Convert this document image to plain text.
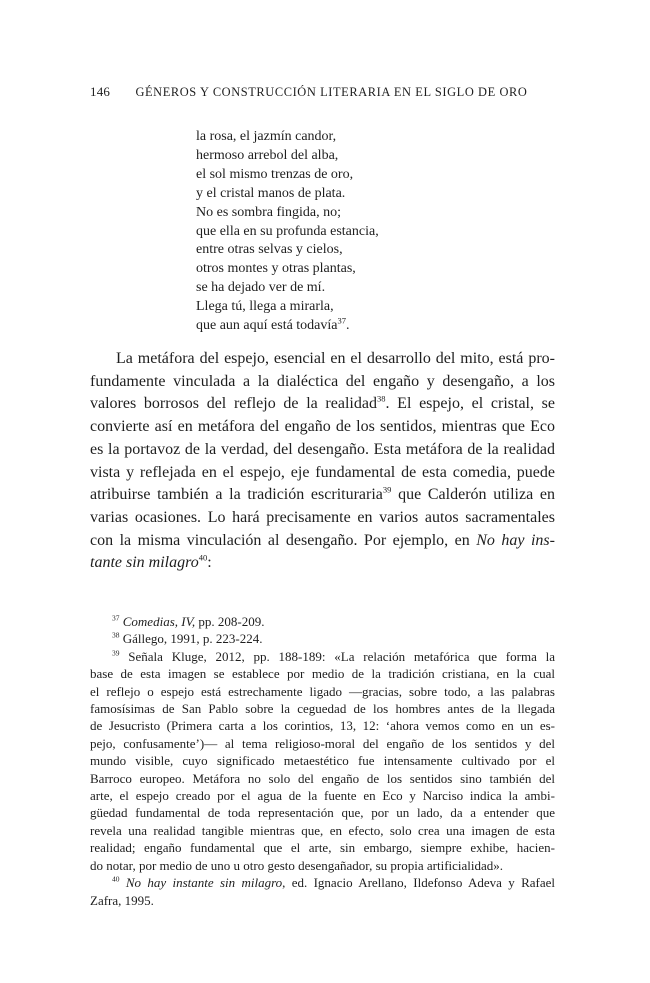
146 GÉNEROS Y CONSTRUCCIÓN LITERARIA EN EL SIGLO DE ORO
la rosa, el jazmín candor,
hermoso arrebol del alba,
el sol mismo trenzas de oro,
y el cristal manos de plata.
No es sombra fingida, no;
que ella en su profunda estancia,
entre otras selvas y cielos,
otros montes y otras plantas,
se ha dejado ver de mí.
Llega tú, llega a mirarla,
que aun aquí está todavía$^{37}$.
La metáfora del espejo, esencial en el desarrollo del mito, está pro-
fundamente vinculada a la dialéctica del engaño y desengaño, a los
valores borrosos del reflejo de la realidad$^{38}$. El espejo, el cristal, se
convierte así en metáfora del engaño de los sentidos, mientras que Eco
es la portavoz de la verdad, del desengaño. Esta metáfora de la realidad
vista y reflejada en el espejo, eje fundamental de esta comedia, puede
atribuirse también a la tradición escrituraria$^{39}$ que Calderón utiliza en
varias ocasiones. Lo hará precisamente en varios autos sacramentales
con la misma vinculación al desengaño. Por ejemplo, en No hay ins-
tante sin milagro$^{40}$:
$^{37}$ Comedias, IV, pp. 208-209.
$^{38}$ Gállego, 1991, p. 223-224.
$^{39}$ Señala Kluge, 2012, pp. 188-189: «La relación metafórica que forma la
base de esta imagen se establece por medio de la tradición cristiana, en la cual
el reflejo o espejo está estrechamente ligado —gracias, sobre todo, a las palabras
famosísimas de San Pablo sobre la ceguedad de los hombres antes de la llegada
de Jesucristo (Primera carta a los corintios, 13, 12: ‘ahora vemos como en un es-
pejo, confusamente’)— al tema religioso-moral del engaño de los sentidos y del
mundo visible, cuyo significado metaestético fue intensamente cultivado por el
Barroco europeo. Metáfora no solo del engaño de los sentidos sino también del
arte, el espejo creado por el agua de la fuente en Eco y Narciso indica la ambi-
güedad fundamental de toda representación que, por un lado, da a entender que
revela una realidad tangible mientras que, en efecto, solo crea una imagen de esta
realidad; engaño fundamental que el arte, sin embargo, siempre exhibe, hacien-
do notar, por medio de uno u otro gesto desengañador, su propia artificialidad».
$^{40}$ No hay instante sin milagro, ed. Ignacio Arellano, Ildefonso Adeva y Rafael
Zafra, 1995.
